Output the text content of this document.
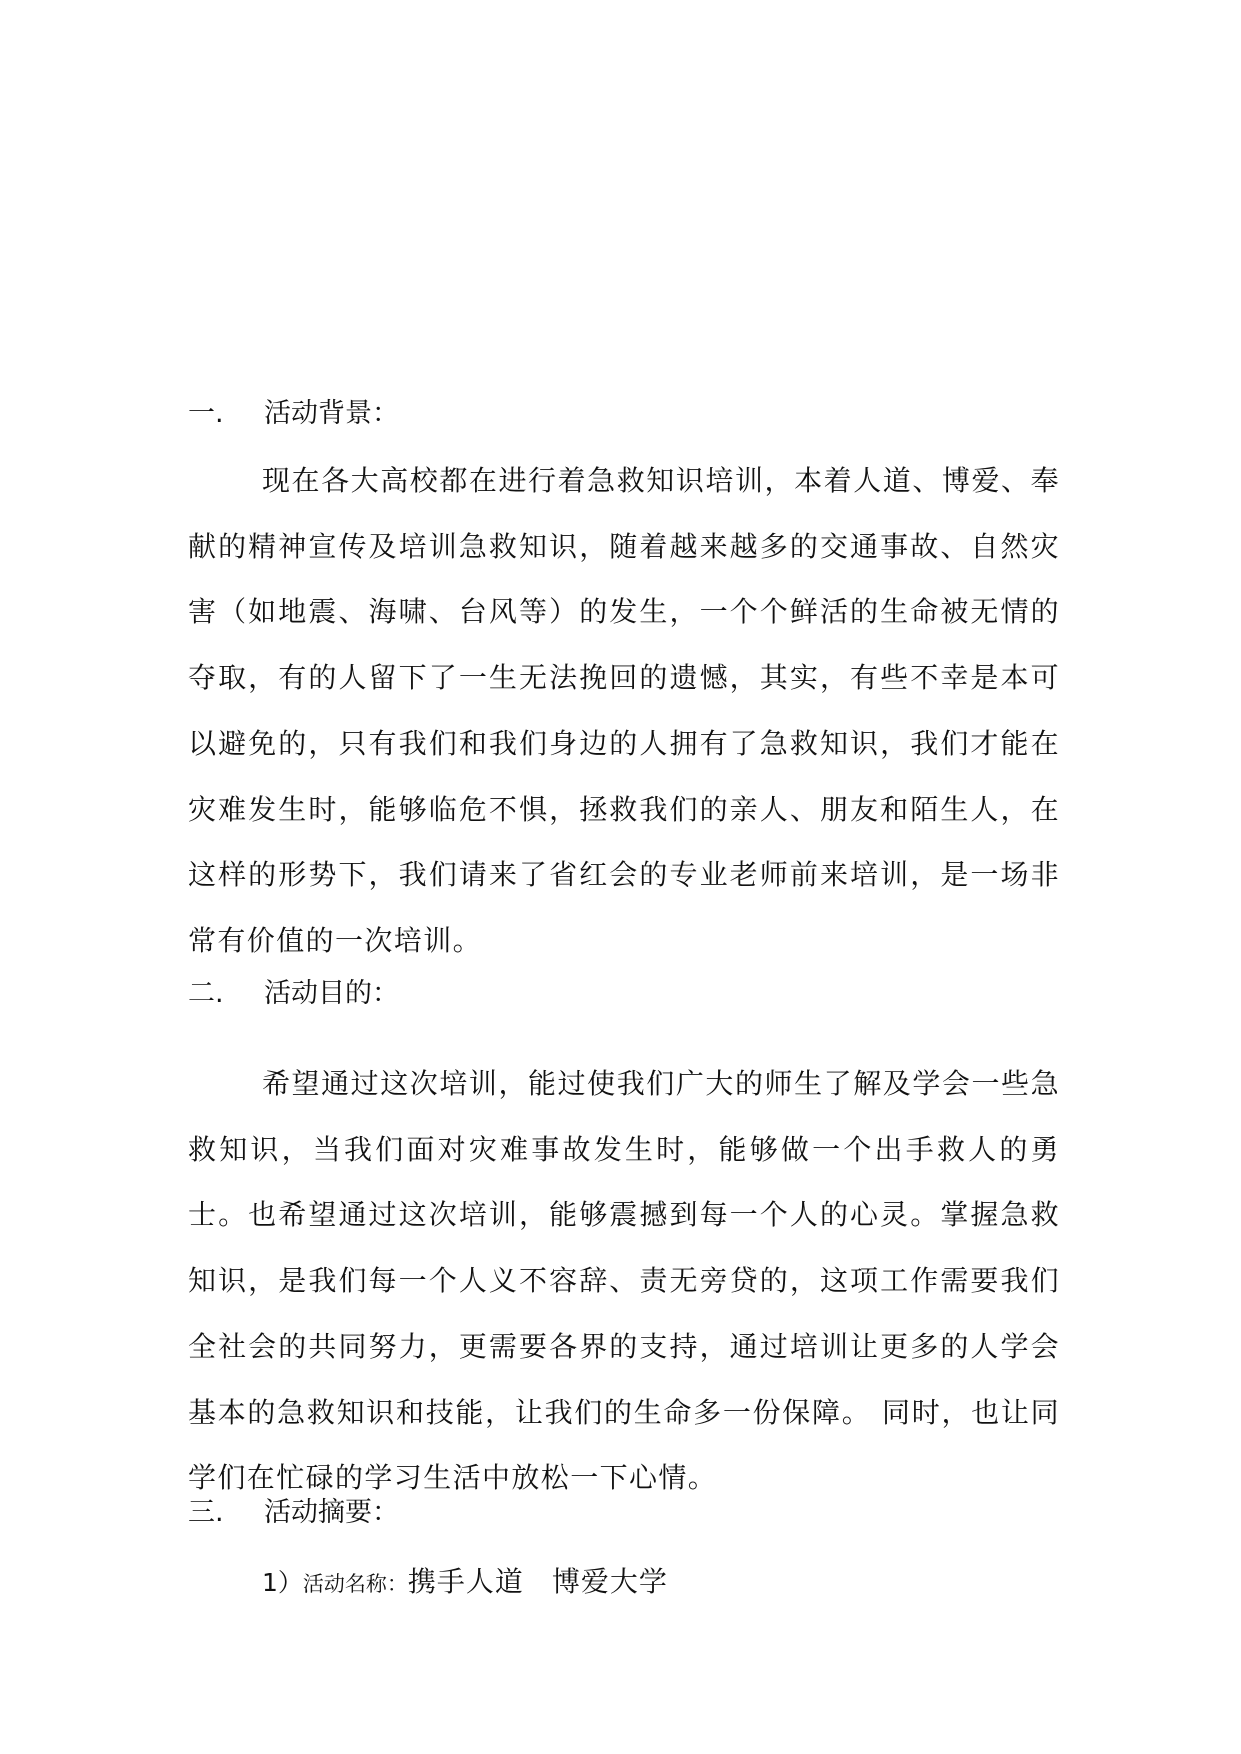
一.	活动背景：
现在各大高校都在进行着急救知识培训，本着人道、博爱、奉献的精神宣传及培训急救知识，随着越来越多的交通事故、自然灾害（如地震、海啸、台风等）的发生，一个个鲜活的生命被无情的夺取，有的人留下了一生无法挽回的遗憾，其实，有些不幸是本可以避免的，只有我们和我们身边的人拥有了急救知识，我们才能在灾难发生时，能够临危不惧，拯救我们的亲人、朋友和陌生人，在这样的形势下，我们请来了省红会的专业老师前来培训，是一场非常有价值的一次培训。
二.	活动目的：
希望通过这次培训，能过使我们广大的师生了解及学会一些急救知识，当我们面对灾难事故发生时，能够做一个出手救人的勇士。也希望通过这次培训，能够震撼到每一个人的心灵。掌握急救知识，是我们每一个人义不容辞、责无旁贷的，这项工作需要我们全社会的共同努力，更需要各界的支持，通过培训让更多的人学会基本的急救知识和技能，让我们的生命多一份保障。 同时，也让同学们在忙碌的学习生活中放松一下心情。
三.	活动摘要：
1） 活动名称： 携手人道 博爱大学
